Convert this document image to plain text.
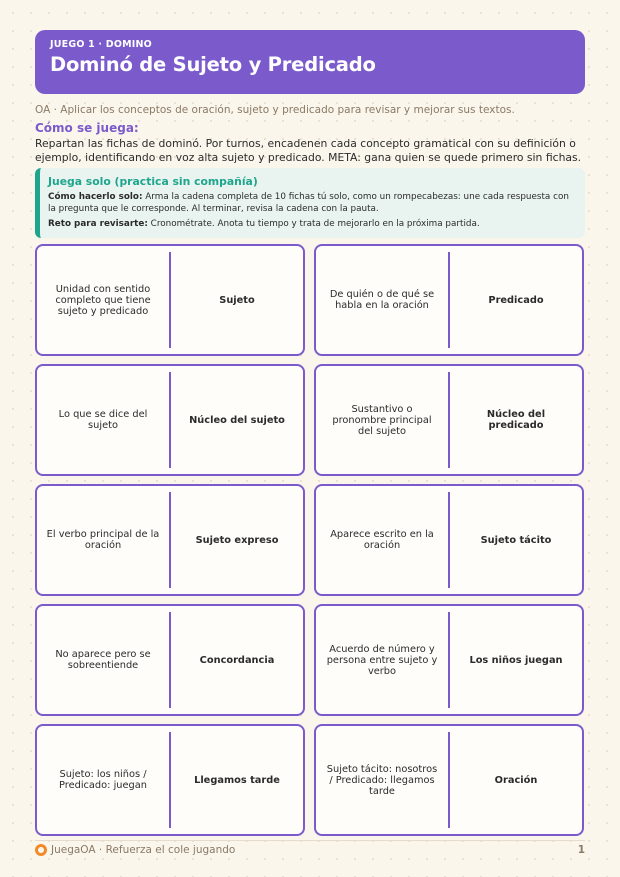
JUEGO 1 · DOMINO
Dominó de Sujeto y Predicado
OA · Aplicar los conceptos de oración, sujeto y predicado para revisar y mejorar sus textos.
Cómo se juega:
Repartan las fichas de dominó. Por turnos, encadenen cada concepto gramatical con su definición o ejemplo, identificando en voz alta sujeto y predicado. META: gana quien se quede primero sin fichas.
Juega solo (practica sin compañía)

Cómo hacerlo solo: Arma la cadena completa de 10 fichas tú solo, como un rompecabezas: une cada respuesta con la pregunta que le corresponde. Al terminar, revisa la cadena con la pauta.

Reto para revisarte: Cronométrate. Anota tu tiempo y trata de mejorarlo en la próxima partida.

Unidad con sentido completo que tiene sujeto y predicado
Sujeto	De quién o de qué se habla en la oración	Predicado
Lo que se dice del sujeto	Núcleo del sujeto
Sustantivo o pronombre principal del sujeto
Núcleo del predicado
El verbo principal de la oración	Sujeto expreso	Aparece escrito en la oración	Sujeto tácito
No aparece pero se sobreentiende	Concordancia
Acuerdo de número y persona entre sujeto y verbo
Los niños juegan
Sujeto: los niños / Predicado: juegan	Llegamos tarde
Sujeto tácito: nosotros / Predicado: llegamos tarde
Oración
JuegaOA · Refuerza el cole jugando	1
